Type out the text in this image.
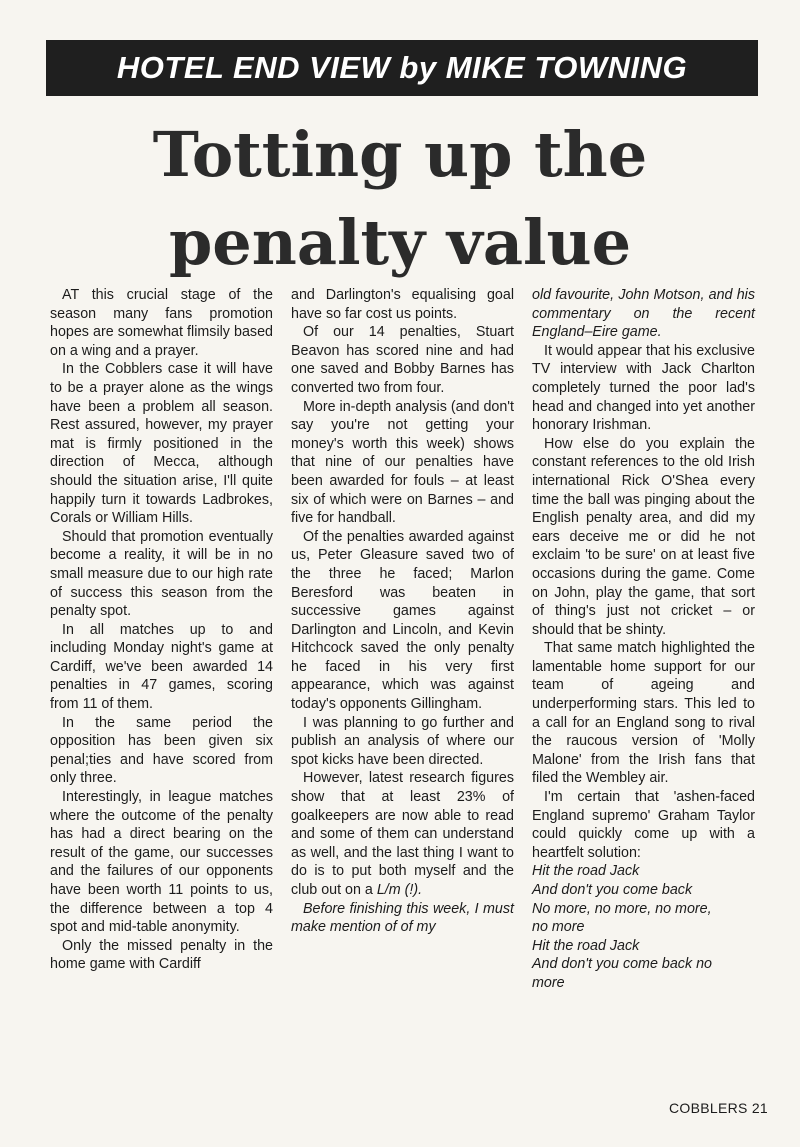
HOTEL END VIEW by MIKE TOWNING
Totting up the
penalty value

AT this crucial stage of the season many fans promotion hopes are somewhat flimsily based on a wing and a prayer.

In the Cobblers case it will have to be a prayer alone as the wings have been a problem all season. Rest assured, however, my prayer mat is firmly positioned in the direction of Mecca, although should the situation arise, I'll quite happily turn it towards Ladbrokes, Corals or William Hills.

Should that promotion eventually become a reality, it will be in no small measure due to our high rate of success this season from the penalty spot.

In all matches up to and including Monday night's game at Cardiff, we've been awarded 14 penalties in 47 games, scoring from 11 of them.

In the same period the opposition has been given six penal;ties and have scored from only three.

Interestingly, in league matches where the outcome of the penalty has had a direct bearing on the result of the game, our successes and the failures of our opponents have been worth 11 points to us, the difference between a top 4 spot and mid-table anonymity.

Only the missed penalty in the home game with Cardiff

and Darlington's equalising goal have so far cost us points.

Of our 14 penalties, Stuart Beavon has scored nine and had one saved and Bobby Barnes has converted two from four.

More in-depth analysis (and don't say you're not getting your money's worth this week) shows that nine of our penalties have been awarded for fouls – at least six of which were on Barnes – and five for handball.

Of the penalties awarded against us, Peter Gleasure saved two of the three he faced; Marlon Beresford was beaten in successive games against Darlington and Lincoln, and Kevin Hitchcock saved the only penalty he faced in his very first appearance, which was against today's opponents Gillingham.

I was planning to go further and publish an analysis of where our spot kicks have been directed.

However, latest research figures show that at least 23% of goalkeepers are now able to read and some of them can understand as well, and the last thing I want to do is to put both myself and the club out on a L/m (!).

Before finishing this week, I must make mention of of my

old favourite, John Motson, and his commentary on the recent England–Eire game.

It would appear that his exclusive TV interview with Jack Charlton completely turned the poor lad's head and changed into yet another honorary Irishman.

How else do you explain the constant references to the old Irish international Rick O'Shea every time the ball was pinging about the English penalty area, and did my ears deceive me or did he not exclaim 'to be sure' on at least five occasions during the game. Come on John, play the game, that sort of thing's just not cricket – or should that be shinty.

That same match highlighted the lamentable home support for our team of ageing and underperforming stars. This led to a call for an England song to rival the raucous version of 'Molly Malone' from the Irish fans that filed the Wembley air.

I'm certain that 'ashen-faced England supremo' Graham Taylor could quickly come up with a heartfelt solution:

Hit the road Jack

And don't you come back

No more, no more, no more,

no more

Hit the road Jack

And don't you come back no

more

COBBLERS 21
